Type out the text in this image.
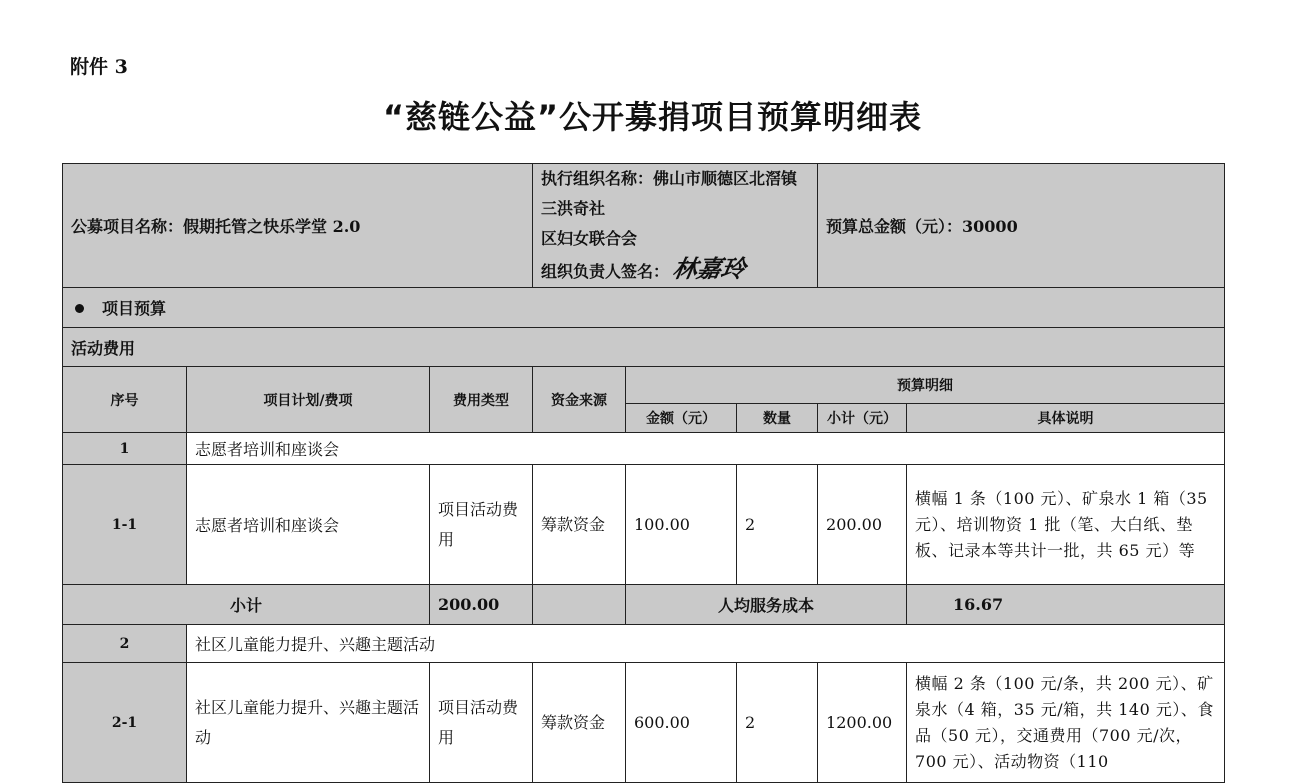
附件 3
“慈链公益”公开募捐项目预算明细表
公募项目名称：假期托管之快乐学堂 2.0			执行组织名称：佛山市顺德区北滘镇三洪奇社
区妇女联合会
组织负责人签名：林嘉玲			预算总金额（元）：30000	
项目预算							
活动费用							
序号	项目计划/费项	费用类型	资金来源	预算明细			
				金额（元）	数量	小计（元）	具体说明
1	志愿者培训和座谈会						
1-1	志愿者培训和座谈会	项目活动费用	筹款资金	100.00	2	200.00	横幅 1 条（100 元）、矿泉水 1 箱（35 元）、培训物资 1 批（笔、大白纸、垫板、记录本等共计一批，共 65 元）等
小计		200.00		人均服务成本			16.67
2	社区儿童能力提升、兴趣主题活动						
2-1	社区儿童能力提升、兴趣主题活动	项目活动费用	筹款资金	600.00	2	1200.00	横幅 2 条（100 元/条，共 200 元）、矿泉水（4 箱，35 元/箱，共 140 元）、食品（50 元），交通费用（700 元/次，700 元）、活动物资（110
